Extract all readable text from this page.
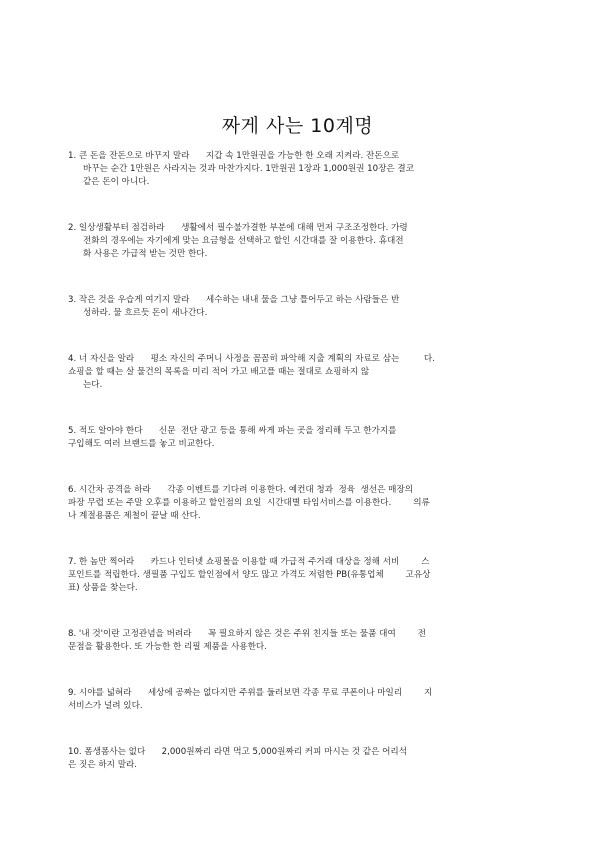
짜게 사는 10계명
1. 큰 돈을 잔돈으로 바꾸지 말라      지갑 속 1만원권을 가능한 한 오래 지켜라. 잔돈으로
바꾸는 순간 1만원은 사라지는 것과 마찬가지다. 1만원권 1장과 1,000원권 10장은 결코
같은 돈이 아니다.
2. 일상생활부터 점검하라      생활에서 필수불가결한 부분에 대해 먼저 구조조정한다. 가령
전화의 경우에는 자기에게 맞는 요금형을 선택하고 할인 시간대를 잘 이용한다. 휴대전
화 사용은 가급적 받는 것만 한다.
3. 작은 것을 우습게 여기지 말라      세수하는 내내 물을 그냥 틀어두고 하는 사람들은 반
성하라. 물 흐르듯 돈이 새나간다.
4. 너 자신을 알라      평소 자신의 주머니 사정을 꼼꼼히 파악해 지출 계획의 자료로 삼는         다.
쇼핑을 할 때는 살 물건의 목록을 미리 적어 가고 배고플 때는 절대로 쇼핑하지 않
는다.
5. 적도 알아야 한다      신문  전단 광고 등을 통해 싸게 파는 곳을 정리해 두고 한가지를
구입해도 여러 브랜드를 놓고 비교한다.
6. 시간차 공격을 하라      각종 이벤트를 기다려 이용한다. 예컨대 청과  정육  생선은 매장의
파장 무렵 또는 주말 오후를 이용하고 할인점의 요일  시간대별 타임서비스를 이용한다.        의류
나 계절용품은 제철이 끝날 때 산다.
7. 한 놈만 찍어라      카드나 인터넷 쇼핑몰을 이용할 때 가급적 주거래 대상을 정해 서비        스
포인트를 적립한다. 생필품 구입도 할인점에서 양도 많고 가격도 저렴한 PB(유통업체        고유상
표) 상품을 찾는다.
8. '내 것'이란 고정관념을 버려라      꼭 필요하지 않은 것은 주위 친지들 또는 물품 대여        전
문점을 활용한다. 또 가능한 한 리필 제품을 사용한다.
9. 시야를 넓혀라      세상에 공짜는 없다지만 주위를 둘러보면 각종 무료 쿠폰이나 마일리        지
서비스가 널려 있다.
10. 폼생폼사는 없다      2,000원짜리 라면 먹고 5,000원짜리 커피 마시는 것 같은 어리석
은 짓은 하지 말라.
